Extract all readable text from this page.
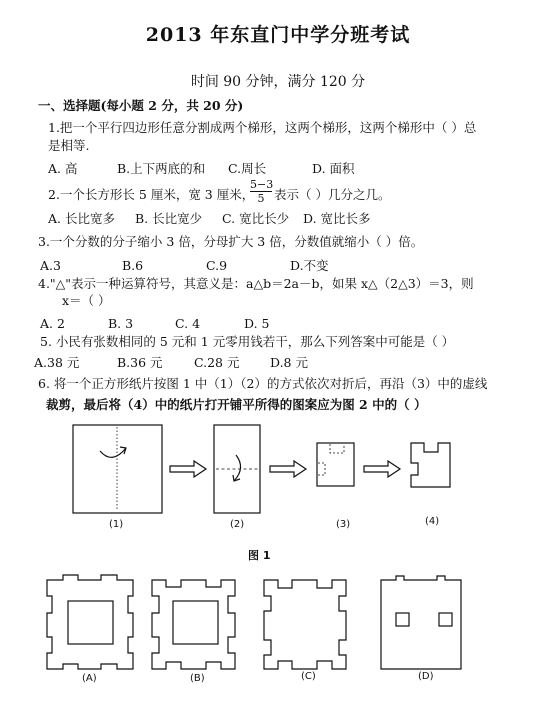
2013 年东直门中学分班考试
时间 90 分钟，满分 120 分
一、选择题(每小题 2 分，共 20 分)
1.把一个平行四边形任意分割成两个梯形，这两个梯形，这两个梯形中（ ）总
是相等.
A. 高	B.上下两底的和 C.周长	D. 面积
2.一个长方形长 5 厘米，宽 3 厘米，
$\frac{5-3}{5}$ 表示（ ）几分之几。
A. 长比宽多 B. 长比宽少 C. 宽比长少 D. 宽比长多
3.一个分数的分子缩小 3 倍，分母扩大 3 倍，分数值就缩小（ ）倍。
A.3	B.6	C.9	D.不变
4."△"表示一种运算符号，其意义是：a△b＝2a－b，如果 x△（2△3）＝3，则
x＝（ ）
A. 2	B. 3	C. 4	D. 5
5. 小民有张数相同的 5 元和 1 元零用钱若干，那么下列答案中可能是（ ）
A.38 元	B.36 元	C.28 元 D.8 元
6. 将一个正方形纸片按图 1 中（1）（2）的方式依次对折后，再沿（3）中的虚线
裁剪，最后将（4）中的纸片打开铺平所得的图案应为图 2 中的（ ）
(1)	(2)	(3)	(4)
图 1
(A)	(B)	(C)	(D)
